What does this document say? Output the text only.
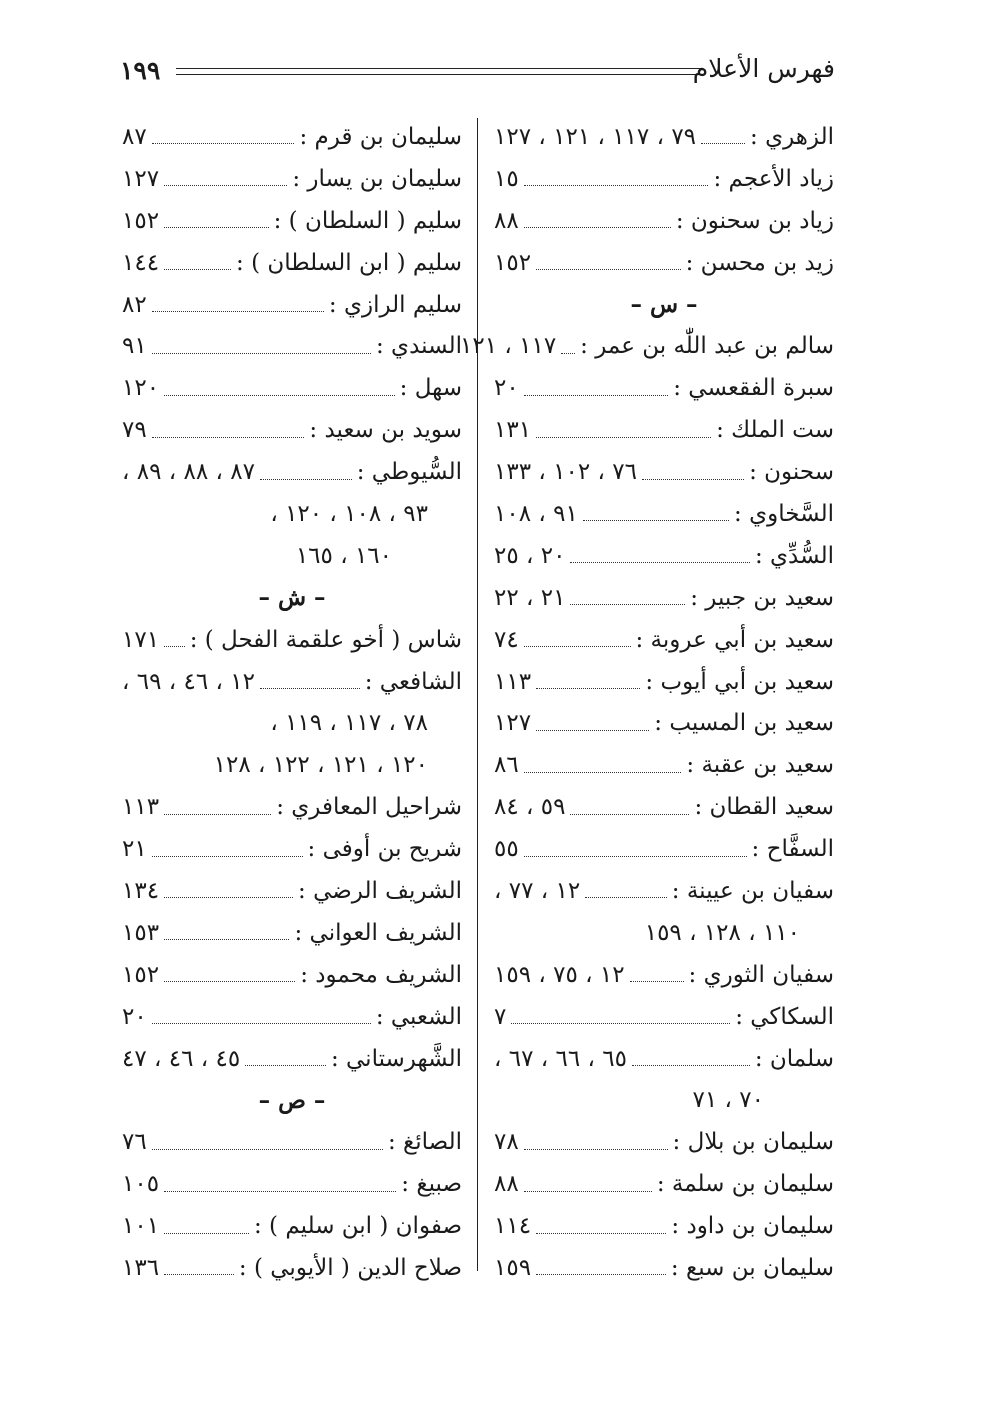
١٩٩	فهرس الأعلام
الزهري :
٧٩ ، ١١٧ ، ١٢١ ، ١٢٧
زياد الأعجم :
١٥
زياد بن سحنون :
٨٨
زيد بن محسن :
١٥٢
– س –
سالم بن عبد اللّٰه بن عمر :
١١٧ ، ١٢١
سبرة الفقعسي :
٢٠
ست الملك :
١٣١
سحنون :
٧٦ ، ١٠٢ ، ١٣٣
السَّخاوي :
٩١ ، ١٠٨
السُّدِّي :
٢٠ ، ٢٥
سعيد بن جبير :
٢١ ، ٢٢
سعيد بن أبي عروبة :
٧٤
سعيد بن أبي أيوب :
١١٣
سعيد بن المسيب :
١٢٧
سعيد بن عقبة :
٨٦
سعيد القطان :
٥٩ ، ٨٤
السفَّاح :
٥٥
سفيان بن عيينة :
١٢ ، ٧٧ ،
١١٠ ، ١٢٨ ، ١٥٩
سفيان الثوري :
١٢ ، ٧٥ ، ١٥٩
السكاكي :
٧
سلمان :
٦٥ ، ٦٦ ، ٦٧ ،
٧٠ ، ٧١
سليمان بن بلال :
٧٨
سليمان بن سلمة :
٨٨
سليمان بن داود :
١١٤
سليمان بن سبع :
١٥٩
سليمان بن قرم :
٨٧
سليمان بن يسار :
١٢٧
سليم ( السلطان ) :
١٥٢
سليم ( ابن السلطان ) :
١٤٤
سليم الرازي :
٨٢
السندي :
٩١
سهل :
١٢٠
سويد بن سعيد :
٧٩
السُّيوطي :
٨٧ ، ٨٨ ، ٨٩ ،
٩٣ ، ١٠٨ ، ١٢٠ ،
١٦٠ ، ١٦٥
– ش –
شاس ( أخو علقمة الفحل ) :
١٧١
الشافعي :
١٢ ، ٤٦ ، ٦٩ ،
٧٨ ، ١١٧ ، ١١٩ ،
١٢٠ ، ١٢١ ، ١٢٢ ، ١٢٨
شراحيل المعافري :
١١٣
شريح بن أوفى :
٢١
الشريف الرضي :
١٣٤
الشريف العواني :
١٥٣
الشريف محمود :
١٥٢
الشعبي :
٢٠
الشَّهرستاني :
٤٥ ، ٤٦ ، ٤٧
– ص –
الصائغ :
٧٦
صبيغ :
١٠٥
صفوان ( ابن سليم ) :
١٠١
صلاح الدين ( الأيوبي ) :
١٣٦
